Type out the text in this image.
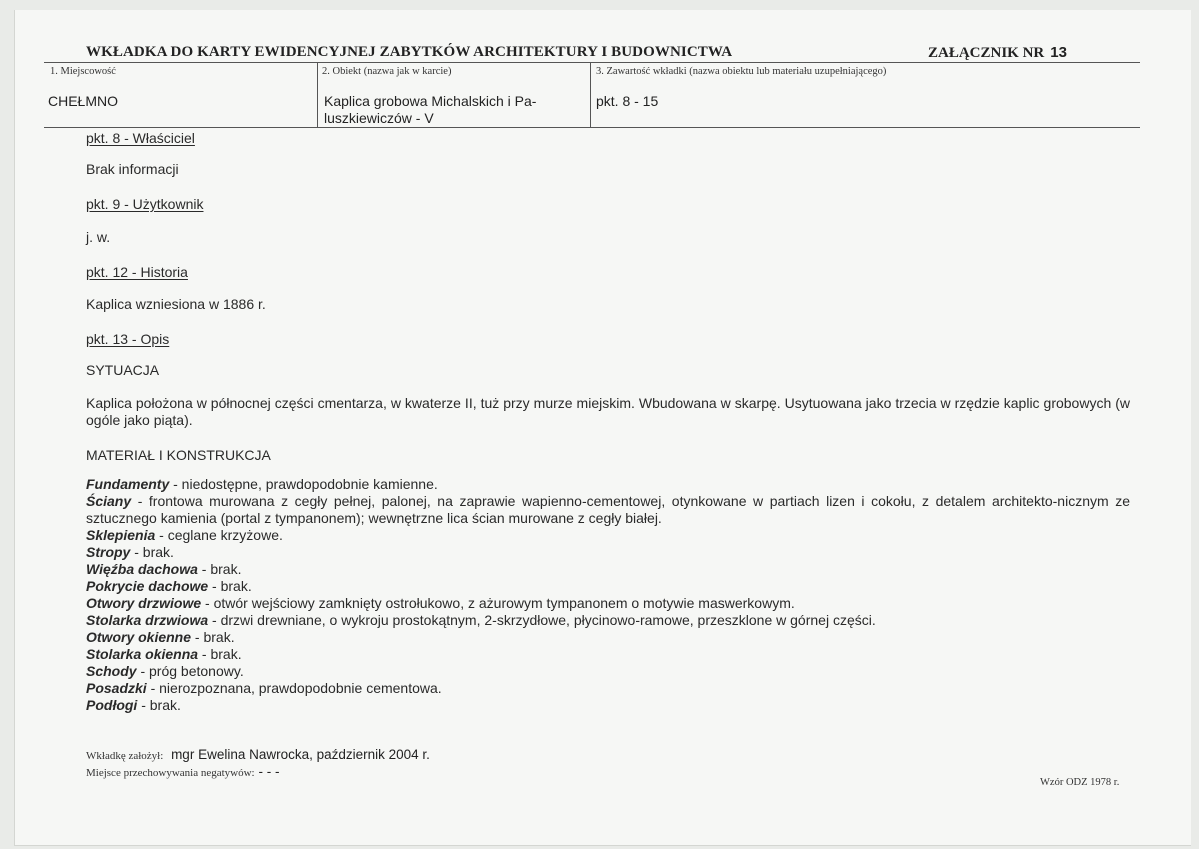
WKŁADKA DO KARTY EWIDENCYJNEJ ZABYTKÓW ARCHITEKTURY I BUDOWNICTWA	ZAŁĄCZNIK NR 13
1. Miejscowość
CHEŁMNO
2. Obiekt (nazwa jak w karcie)
Kaplica grobowa Michalskich i Pa-
luszkiewiczów - V
3. Zawartość wkładki (nazwa obiektu lub materiału uzupełniającego)
pkt. 8 - 15
pkt. 8 - Właściciel
Brak informacji
pkt. 9 - Użytkownik
j. w.
pkt. 12 - Historia
Kaplica wzniesiona w 1886 r.
pkt. 13 - Opis
SYTUACJA
Kaplica położona w północnej części cmentarza, w kwaterze II, tuż przy murze miejskim. Wbudowana w skarpę. Usytuowana jako trzecia w rzędzie kaplic grobowych (w ogóle jako piąta).
MATERIAŁ I KONSTRUKCJA
Fundamenty - niedostępne, prawdopodobnie kamienne.
Ściany - frontowa murowana z cegły pełnej, palonej, na zaprawie wapienno-cementowej, otynkowane w partiach lizen i cokołu, z detalem architekto-nicznym ze sztucznego kamienia (portal z tympanonem); wewnętrzne lica ścian murowane z cegły białej.
Sklepienia - ceglane krzyżowe.
Stropy - brak.
Więźba dachowa - brak.
Pokrycie dachowe - brak.
Otwory drzwiowe - otwór wejściowy zamknięty ostrołukowo, z ażurowym tympanonem o motywie maswerkowym.
Stolarka drzwiowa - drzwi drewniane, o wykroju prostokątnym, 2-skrzydłowe, płycinowo-ramowe, przeszklone w górnej części.
Otwory okienne - brak.
Stolarka okienna - brak.
Schody - próg betonowy.
Posadzki - nierozpoznana, prawdopodobnie cementowa.
Podłogi - brak.
Wkładkę założył: mgr Ewelina Nawrocka, październik 2004 r.
Miejsce przechowywania negatywów: - - -
Wzór ODZ 1978 r.
